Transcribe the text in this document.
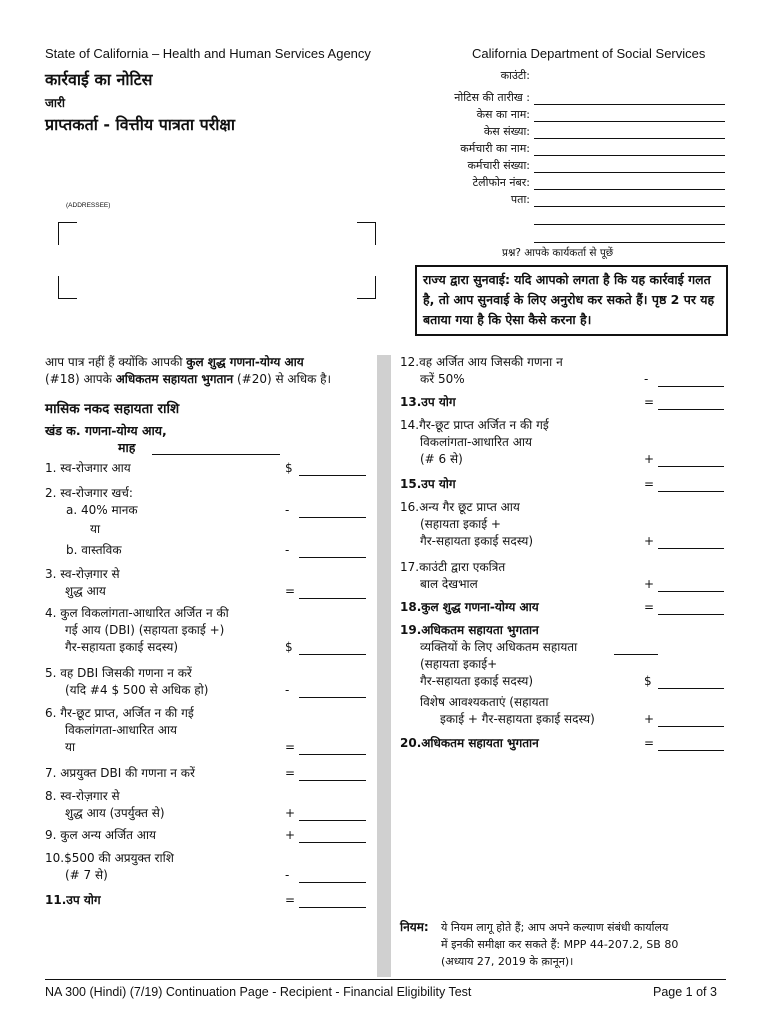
State of California – Health and Human Services Agency	California Department of Social Services
कार्रवाई का नोटिस
जारी
प्राप्तकर्ता - वित्तीय पात्रता परीक्षा
काउंटी:
नोटिस की तारीख :
केस का नाम:
केस संख्या:
कर्मचारी का नाम:
कर्मचारी संख्या:
टेलीफोन नंबर:
पता:
(ADDRESSEE)
प्रश्न? आपके कार्यकर्ता से पूछें
राज्य द्वारा सुनवाई: यदि आपको लगता है कि यह कार्रवाई गलत है, तो आप सुनवाई के लिए अनुरोध कर सकते हैं। पृष्ठ 2 पर यह बताया गया है कि ऐसा कैसे करना है।
आप पात्र नहीं हैं क्योंकि आपकी कुल शुद्ध गणना-योग्य आय
(#18) आपके अधिकतम सहायता भुगतान (#20) से अधिक है।
मासिक नकद सहायता राशि
खंड क. गणना-योग्य आय,
माह
1. स्व-रोजगार आय	$
2. स्व-रोजगार खर्च:
a. 40% मानक	-
या
b. वास्तविक	-
3. स्व-रोज़गार से
शुद्ध आय	=
4. कुल विकलांगता-आधारित अर्जित न की
गई आय (DBI) (सहायता इकाई +)
गैर-सहायता इकाई सदस्य)	$
5. वह DBI जिसकी गणना न करें
(यदि #4 $ 500 से अधिक हो)	-
6. गैर-छूट प्राप्त, अर्जित न की गई
विकलांगता-आधारित आय
या	=
7. अप्रयुक्त DBI की गणना न करें	=
8. स्व-रोज़गार से
शुद्ध आय (उपर्युक्त से)	+
9. कुल अन्य अर्जित आय	+
10.$500 की अप्रयुक्त राशि
(# 7 से)	-
11.उप योग	=
12.वह अर्जित आय जिसकी गणना न
करें 50%	-
13.उप योग	=
14.गैर-छूट प्राप्त अर्जित न की गई
विकलांगता-आधारित आय
(# 6 से)	+
15.उप योग	=
16.अन्य गैर छूट प्राप्त आय
(सहायता इकाई +
गैर-सहायता इकाई सदस्य)	+
17.काउंटी द्वारा एकत्रित
बाल देखभाल	+
18.कुल शुद्ध गणना-योग्य आय	=
19.अधिकतम सहायता भुगतान
व्यक्तियों के लिए अधिकतम सहायता
(सहायता इकाई+
गैर-सहायता इकाई सदस्य)	$
विशेष आवश्यकताएं (सहायता
इकाई + गैर-सहायता इकाई सदस्य)	+
20.अधिकतम सहायता भुगतान	=
नियम: ये नियम लागू होते हैं; आप अपने कल्याण संबंधी कार्यालय
में इनकी समीक्षा कर सकते हैं: MPP 44-207.2, SB 80
(अध्याय 27, 2019 के क़ानून)।
NA 300 (Hindi) (7/19) Continuation Page - Recipient - Financial Eligibility Test	Page 1 of 3
